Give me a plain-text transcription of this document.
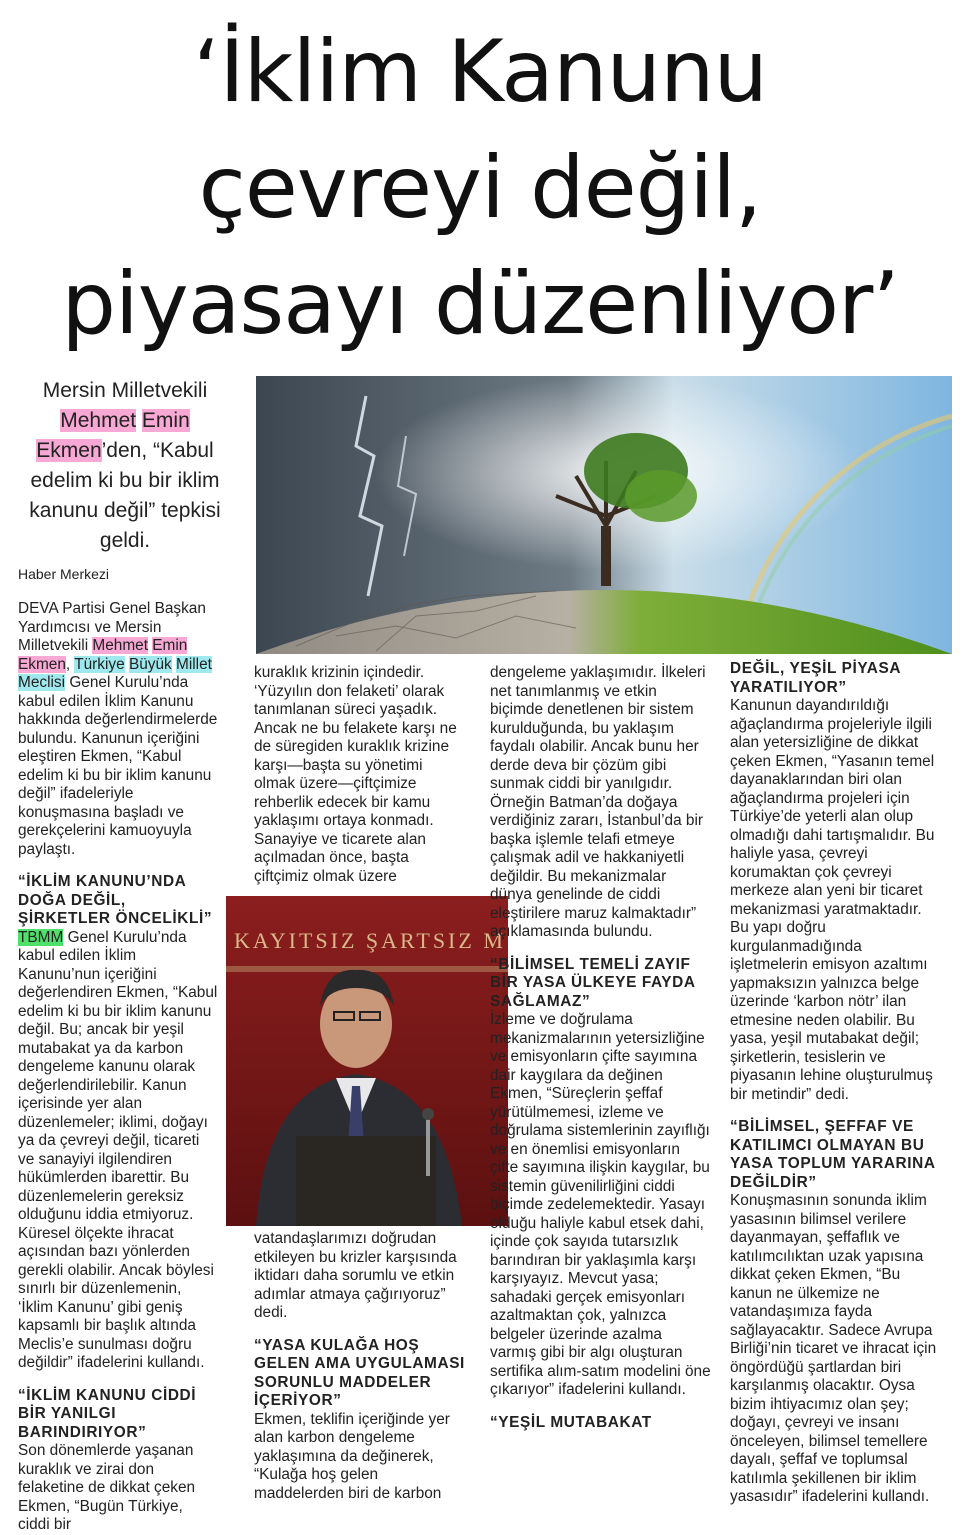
‘İklim Kanunu
çevreyi değil,
piyasayı düzenliyor’
Mersin Milletvekili
Mehmet Emin
Ekmen’den, “Kabul edelim ki bu bir iklim kanunu değil” tepkisi geldi.
Haber Merkezi

DEVA Partisi Genel Başkan Yardımcısı ve Mersin Milletvekili Mehmet Emin Ekmen, Türkiye Büyük Millet Meclisi Genel Kurulu’nda kabul edilen İklim Kanunu hakkında değerlendirmelerde bulundu. Kanunun içeriğini eleştiren Ekmen, “Kabul edelim ki bu bir iklim kanunu değil” ifadeleriyle konuşmasına başladı ve gerekçelerini kamuoyuyla paylaştı.

“İKLİM KANUNU’NDA DOĞA DEĞİL, ŞİRKETLER ÖNCELİKLİ”

TBMM Genel Kurulu’nda kabul edilen İklim Kanunu’nun içeriğini değerlendiren Ekmen, “Kabul edelim ki bu bir iklim kanunu değil. Bu; ancak bir yeşil mutabakat ya da karbon dengeleme kanunu olarak değerlendirilebilir. Kanun içerisinde yer alan düzenlemeler; iklimi, doğayı ya da çevreyi değil, ticareti ve sanayiyi ilgilendiren hükümlerden ibarettir. Bu düzenlemelerin gereksiz olduğunu iddia etmiyoruz. Küresel ölçekte ihracat açısından bazı yönlerden gerekli olabilir. Ancak böylesi sınırlı bir düzenlemenin, ‘İklim Kanunu’ gibi geniş kapsamlı bir başlık altında Meclis’e sunulması doğru değildir” ifadelerini kullandı.

“İKLİM KANUNU CİDDİ BİR YANILGI BARINDIRIYOR”

Son dönemlerde yaşanan kuraklık ve zirai don felaketine de dikkat çeken Ekmen, “Bugün Türkiye, ciddi bir

kuraklık krizinin içindedir. ‘Yüzyılın don felaketi’ olarak tanımlanan süreci yaşadık. Ancak ne bu felakete karşı ne de süregiden kuraklık krizine karşı—başta su yönetimi olmak üzere—çiftçimize rehberlik edecek bir kamu yaklaşımı ortaya konmadı. Sanayiye ve ticarete alan açılmadan önce, başta çiftçimiz olmak üzere

KAYITSIZ ŞARTSIZ M

vatandaşlarımızı doğrudan etkileyen bu krizler karşısında iktidarı daha sorumlu ve etkin adımlar atmaya çağırıyoruz” dedi.

“YASA KULAĞA HOŞ GELEN AMA UYGULAMASI SORUNLU MADDELER İÇERİYOR”

Ekmen, teklifin içeriğinde yer alan karbon dengeleme yaklaşımına da değinerek, “Kulağa hoş gelen maddelerden biri de karbon

dengeleme yaklaşımıdır. İlkeleri net tanımlanmış ve etkin biçimde denetlenen bir sistem kurulduğunda, bu yaklaşım faydalı olabilir. Ancak bunu her derde deva bir çözüm gibi sunmak ciddi bir yanılgıdır. Örneğin Batman’da doğaya verdiğiniz zararı, İstanbul’da bir başka işlemle telafi etmeye çalışmak adil ve hakkaniyetli değildir. Bu mekanizmalar dünya genelinde de ciddi eleştirilere maruz kalmaktadır” açıklamasında bulundu.

“BİLİMSEL TEMELİ ZAYIF BİR YASA ÜLKEYE FAYDA SAĞLAMAZ”

İzleme ve doğrulama mekanizmalarının yetersizliğine ve emisyonların çifte sayımına dair kaygılara da değinen Ekmen, “Süreçlerin şeffaf yürütülmemesi, izleme ve doğrulama sistemlerinin zayıflığı ve en önemlisi emisyonların çifte sayımına ilişkin kaygılar, bu sistemin güvenilirliğini ciddi biçimde zedelemektedir. Yasayı olduğu haliyle kabul etsek dahi, içinde çok sayıda tutarsızlık barındıran bir yaklaşımla karşı karşıyayız. Mevcut yasa; sahadaki gerçek emisyonları azaltmaktan çok, yalnızca belgeler üzerinde azalma varmış gibi bir algı oluşturan sertifika alım-satım modelini öne çıkarıyor” ifadelerini kullandı.

“YEŞİL MUTABAKAT
DEĞİL, YEŞİL PİYASA YARATILIYOR”

Kanunun dayandırıldığı ağaçlandırma projeleriyle ilgili alan yetersizliğine de dikkat çeken Ekmen, “Yasanın temel dayanaklarından biri olan ağaçlandırma projeleri için Türkiye’de yeterli alan olup olmadığı dahi tartışmalıdır. Bu haliyle yasa, çevreyi korumaktan çok çevreyi merkeze alan yeni bir ticaret mekanizmasi yaratmaktadır. Bu yapı doğru kurgulanmadığında işletmelerin emisyon azaltımı yapmaksızın yalnızca belge üzerinde ‘karbon nötr’ ilan etmesine neden olabilir. Bu yasa, yeşil mutabakat değil; şirketlerin, tesislerin ve piyasanın lehine oluşturulmuş bir metindir” dedi.

“BİLİMSEL, ŞEFFAF VE KATILIMCI OLMAYAN BU YASA TOPLUM YARARINA DEĞİLDİR”

Konuşmasının sonunda iklim yasasının bilimsel verilere dayanmayan, şeffaflık ve katılımcılıktan uzak yapısına dikkat çeken Ekmen, “Bu kanun ne ülkemize ne vatandaşımıza fayda sağlayacaktır. Sadece Avrupa Birliği’nin ticaret ve ihracat için öngördüğü şartlardan biri karşılanmış olacaktır. Oysa bizim ihtiyacımız olan şey; doğayı, çevreyi ve insanı önceleyen, bilimsel temellere dayalı, şeffaf ve toplumsal katılımla şekillenen bir iklim yasasıdır” ifadelerini kullandı.
